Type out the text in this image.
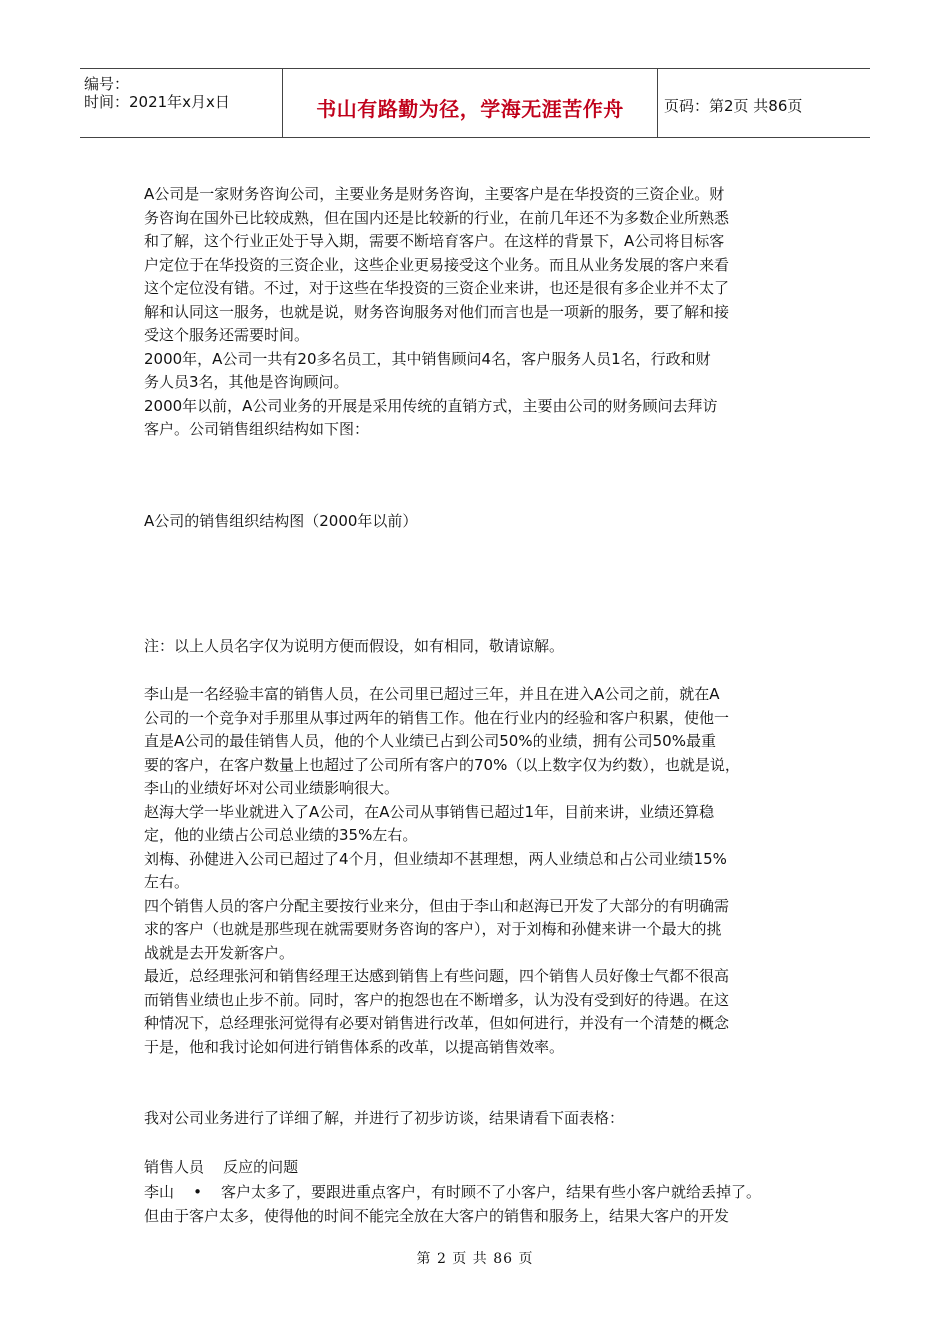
编号：
时间：2021年x月x日	书山有路勤为径，学海无涯苦作舟	页码：第2页 共86页

A公司是一家财务咨询公司，主要业务是财务咨询，主要客户是在华投资的三资企业。财
务咨询在国外已比较成熟，但在国内还是比较新的行业，在前几年还不为多数企业所熟悉
和了解，这个行业正处于导入期，需要不断培育客户。在这样的背景下，A公司将目标客
户定位于在华投资的三资企业，这些企业更易接受这个业务。而且从业务发展的客户来看
这个定位没有错。不过，对于这些在华投资的三资企业来讲，也还是很有多企业并不太了
解和认同这一服务，也就是说，财务咨询服务对他们而言也是一项新的服务，要了解和接
受这个服务还需要时间。

2000年，A公司一共有20多名员工，其中销售顾问4名，客户服务人员1名，行政和财
务人员3名，其他是咨询顾问。

2000年以前，A公司业务的开展是采用传统的直销方式，主要由公司的财务顾问去拜访
客户。公司销售组织结构如下图：

A公司的销售组织结构图（2000年以前）
注：以上人员名字仅为说明方便而假设，如有相同，敬请谅解。

李山是一名经验丰富的销售人员，在公司里已超过三年，并且在进入A公司之前，就在A
公司的一个竞争对手那里从事过两年的销售工作。他在行业内的经验和客户积累，使他一
直是A公司的最佳销售人员，他的个人业绩已占到公司50%的业绩，拥有公司50%最重
要的客户，在客户数量上也超过了公司所有客户的70%（以上数字仅为约数），也就是说，
李山的业绩好坏对公司业绩影响很大。

赵海大学一毕业就进入了A公司，在A公司从事销售已超过1年，目前来讲，业绩还算稳
定，他的业绩占公司总业绩的35%左右。

刘梅、孙健进入公司已超过了4个月，但业绩却不甚理想，两人业绩总和占公司业绩15%
左右。

四个销售人员的客户分配主要按行业来分，但由于李山和赵海已开发了大部分的有明确需
求的客户（也就是那些现在就需要财务咨询的客户），对于刘梅和孙健来讲一个最大的挑
战就是去开发新客户。

最近，总经理张河和销售经理王达感到销售上有些问题，四个销售人员好像士气都不很高
而销售业绩也止步不前。同时，客户的抱怨也在不断增多，认为没有受到好的待遇。在这
种情况下，总经理张河觉得有必要对销售进行改革，但如何进行，并没有一个清楚的概念
于是，他和我讨论如何进行销售体系的改革，以提高销售效率。

我对公司业务进行了详细了解，并进行了初步访谈，结果请看下面表格：
销售人员    反应的问题
李山    •    客户太多了，要跟进重点客户，有时顾不了小客户，结果有些小客户就给丢掉了。
但由于客户太多，使得他的时间不能完全放在大客户的销售和服务上，结果大客户的开发
第 2 页 共 86 页
